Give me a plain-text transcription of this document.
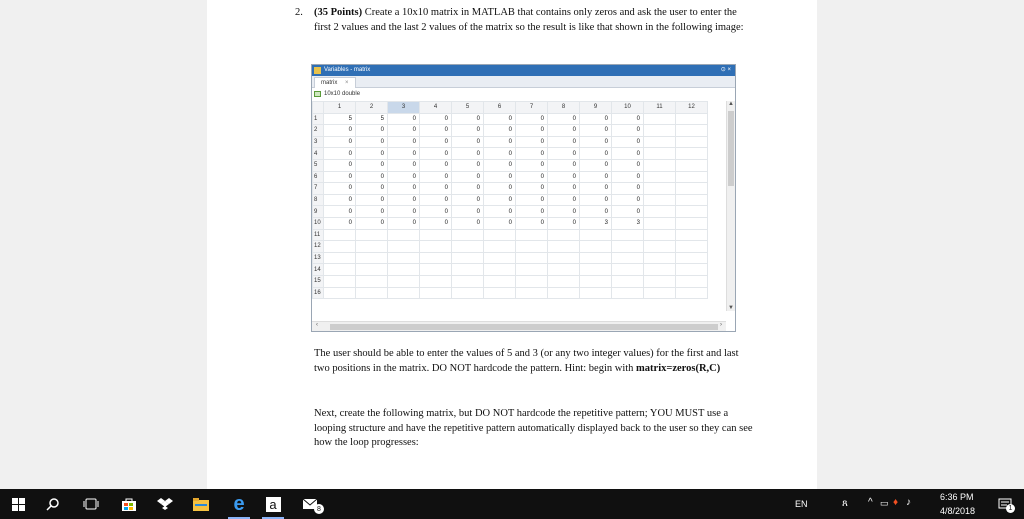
2. (35 Points) Create a 10x10 matrix in MATLAB that contains only zeros and ask the user to enter the first 2 values and the last 2 values of the matrix so the result is like that shown in the following image:
Variables - matrix	⊙ ×
matrix ×
10x10 double
	1	2	3	4	5	6	7	8	9	10	11	12
1	5	5	0	0	0	0	0	0	0	0		
2	0	0	0	0	0	0	0	0	0	0		
3	0	0	0	0	0	0	0	0	0	0		
4	0	0	0	0	0	0	0	0	0	0		
5	0	0	0	0	0	0	0	0	0	0		
6	0	0	0	0	0	0	0	0	0	0		
7	0	0	0	0	0	0	0	0	0	0		
8	0	0	0	0	0	0	0	0	0	0		
9	0	0	0	0	0	0	0	0	0	0		
10	0	0	0	0	0	0	0	0	3	3		
11												
12												
13												
14												
15												
16												
▲
▼
‹	›
The user should be able to enter the values of 5 and 3 (or any two integer values) for the first and last two positions in the matrix. DO NOT hardcode the pattern. Hint: begin with matrix=zeros(R,C)
Next, create the following matrix, but DO NOT hardcode the repetitive pattern; YOU MUST use a looping structure and have the repetitive pattern automatically displayed back to the user so they can see how the loop progresses:
e a	8	EN	ጸ ^ ▭ ♦ ♪	6:36 PM
4/8/2018	1
